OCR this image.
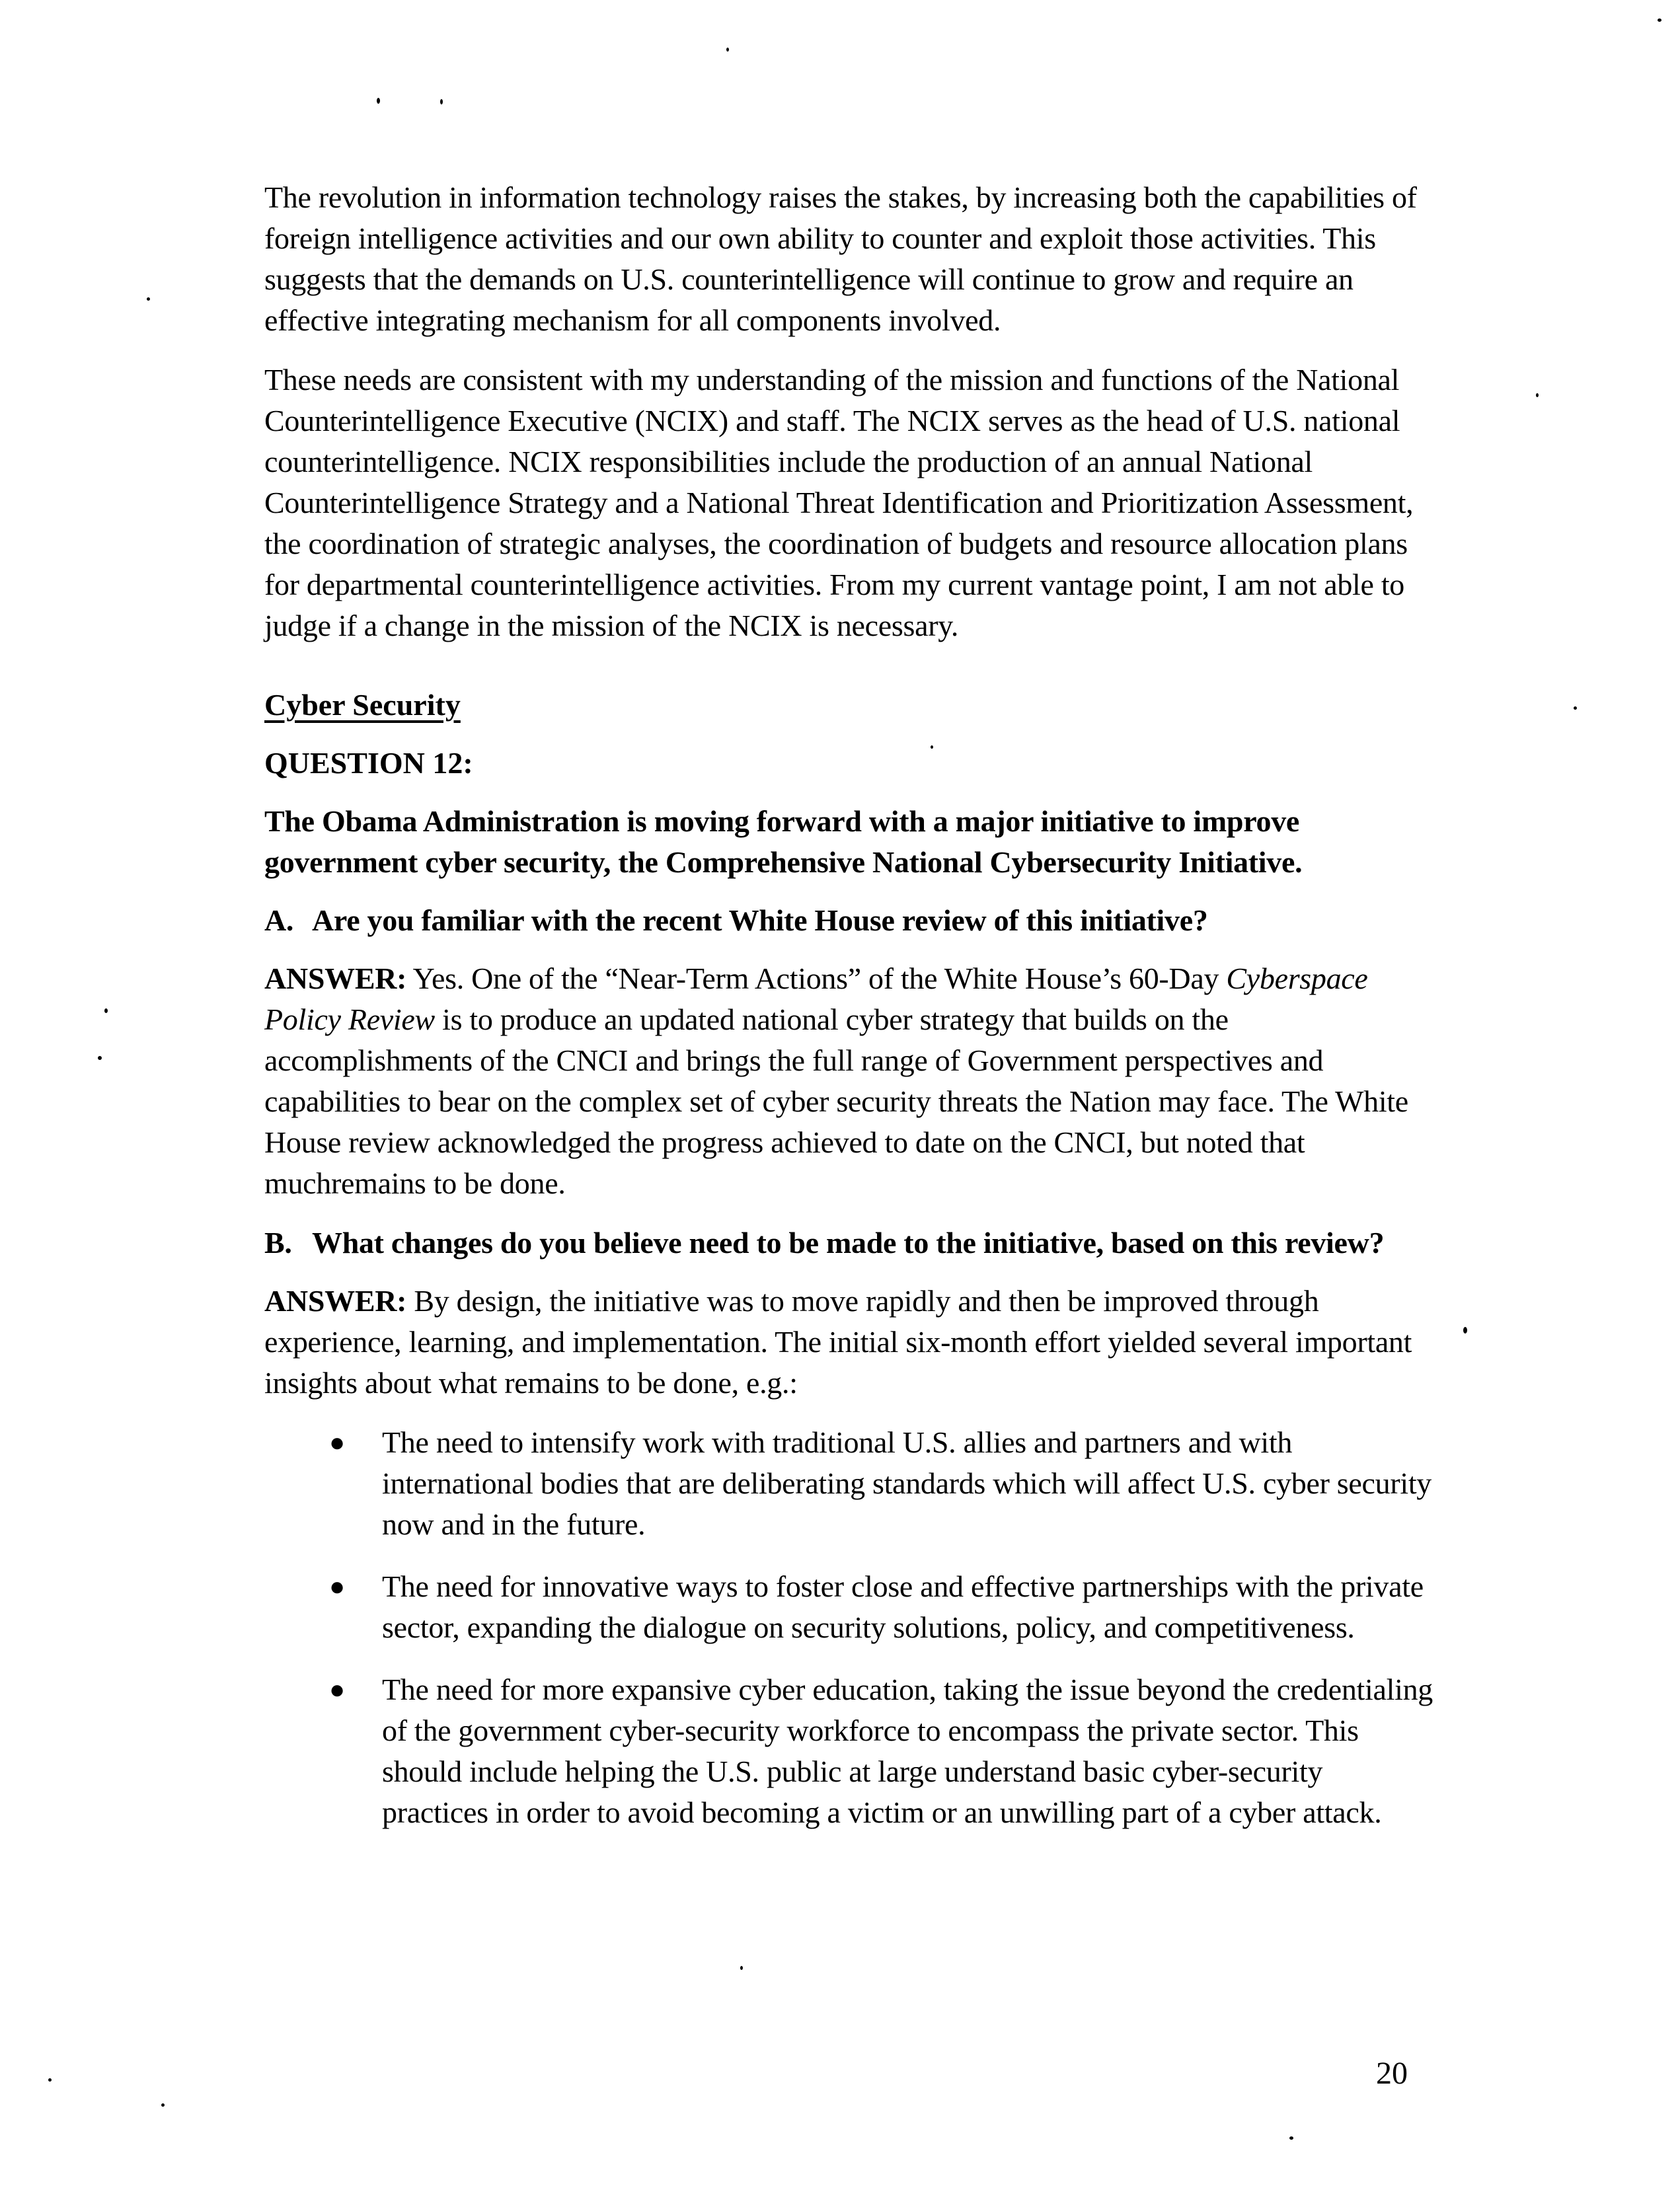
The revolution in information technology raises the stakes, by increasing both the capabilities of foreign intelligence activities and our own ability to counter and exploit those activities. This suggests that the demands on U.S. counterintelligence will continue to grow and require an effective integrating mechanism for all components involved.

These needs are consistent with my understanding of the mission and functions of the National Counterintelligence Executive (NCIX) and staff. The NCIX serves as the head of U.S. national counterintelligence. NCIX responsibilities include the production of an annual National Counterintelligence Strategy and a National Threat Identification and Prioritization Assessment, the coordination of strategic analyses, the coordination of budgets and resource allocation plans for departmental counterintelligence activities. From my current vantage point, I am not able to judge if a change in the mission of the NCIX is necessary.

Cyber Security

QUESTION 12:

The Obama Administration is moving forward with a major initiative to improve government cyber security, the Comprehensive National Cybersecurity Initiative.

A. Are you familiar with the recent White House review of this initiative?

ANSWER: Yes. One of the “Near-Term Actions” of the White House’s 60-Day Cyberspace Policy Review is to produce an updated national cyber strategy that builds on the accomplishments of the CNCI and brings the full range of Government perspectives and capabilities to bear on the complex set of cyber security threats the Nation may face. The White House review acknowledged the progress achieved to date on the CNCI, but noted that muchremains to be done.

B. What changes do you believe need to be made to the initiative, based on this review?

ANSWER: By design, the initiative was to move rapidly and then be improved through experience, learning, and implementation. The initial six-month effort yielded several important insights about what remains to be done, e.g.:

●	The need to intensify work with traditional U.S. allies and partners and with international bodies that are deliberating standards which will affect U.S. cyber security now and in the future.
●	The need for innovative ways to foster close and effective partnerships with the private sector, expanding the dialogue on security solutions, policy, and competitiveness.
●	The need for more expansive cyber education, taking the issue beyond the credentialing of the government cyber-security workforce to encompass the private sector. This should include helping the U.S. public at large understand basic cyber-security practices in order to avoid becoming a victim or an unwilling part of a cyber attack.
20
